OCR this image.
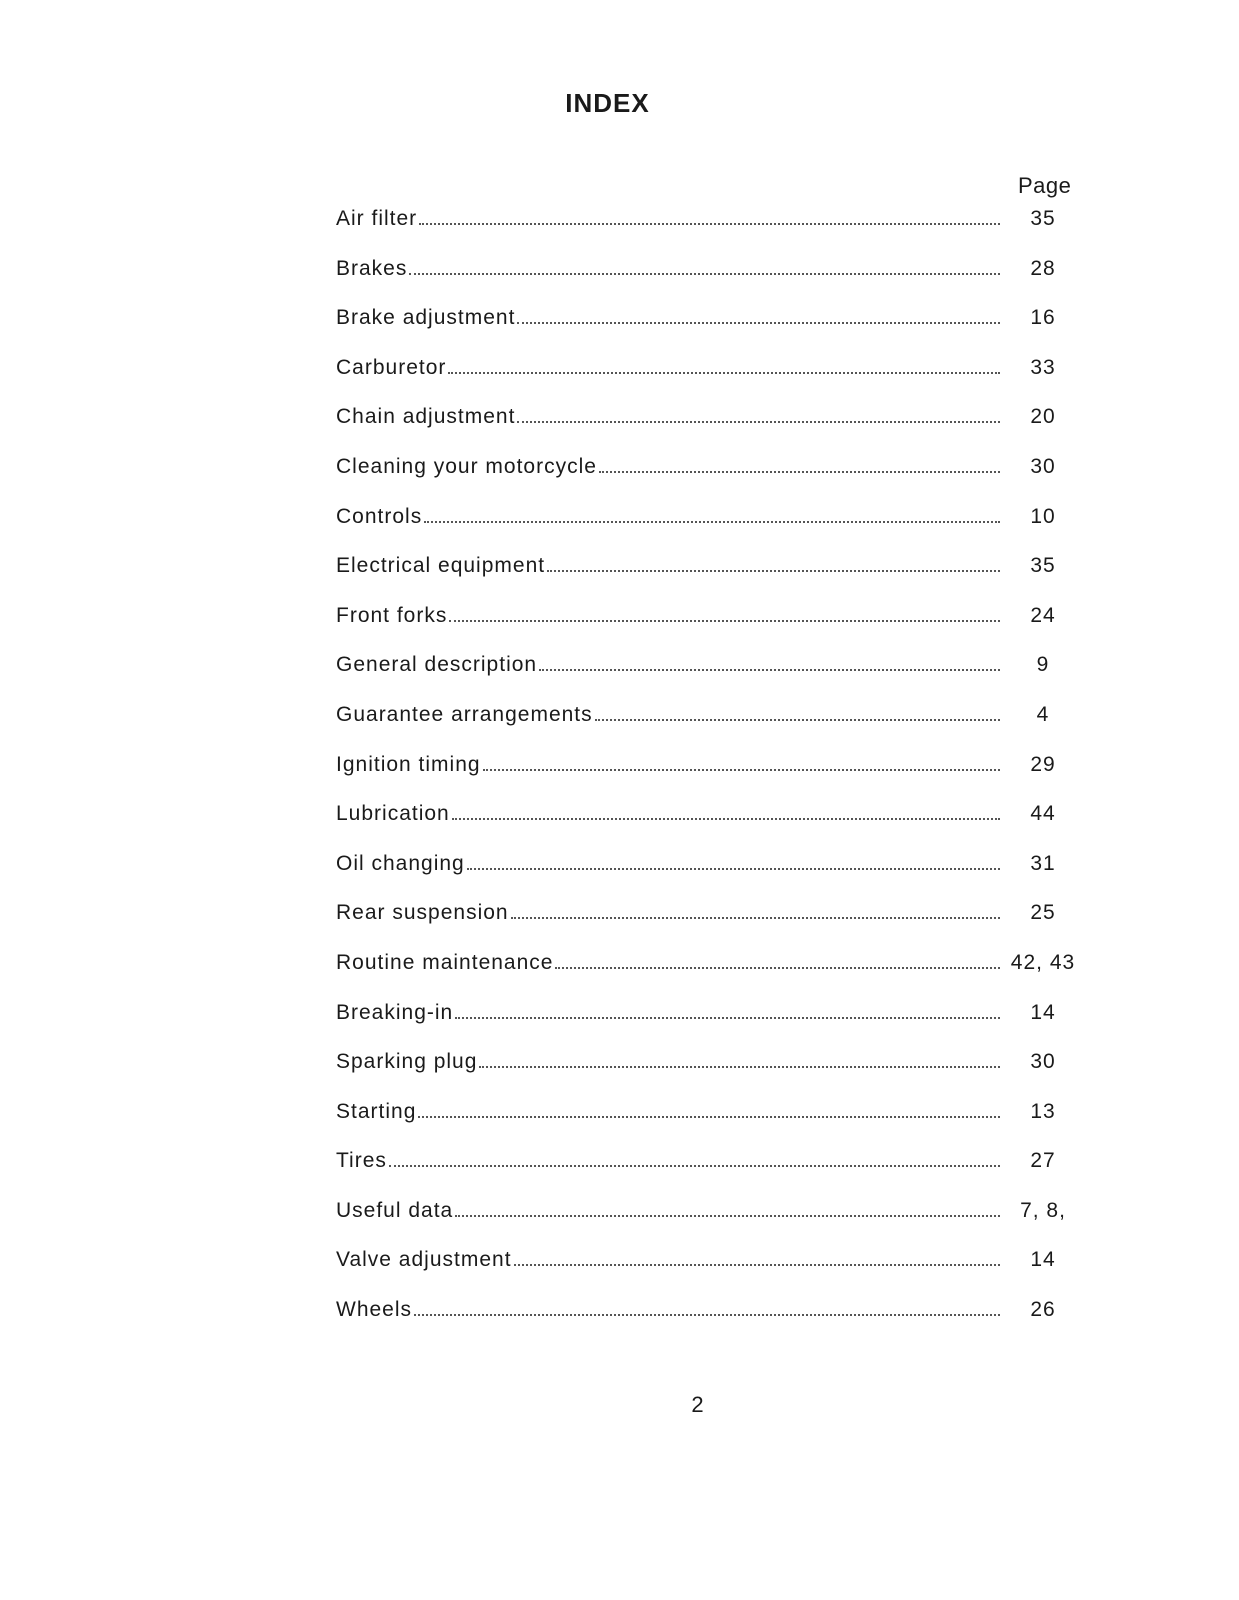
INDEX
Page
Air filter	35
Brakes	28
Brake adjustment	16
Carburetor	33
Chain adjustment	20
Cleaning your motorcycle	30
Controls	10
Electrical equipment	35
Front forks	24
General description	9
Guarantee arrangements	4
Ignition timing	29
Lubrication	44
Oil changing	31
Rear suspension	25
Routine maintenance	42, 43
Breaking-in	14
Sparking plug	30
Starting	13
Tires	27
Useful data	7, 8,
Valve adjustment	14
Wheels	26
2
